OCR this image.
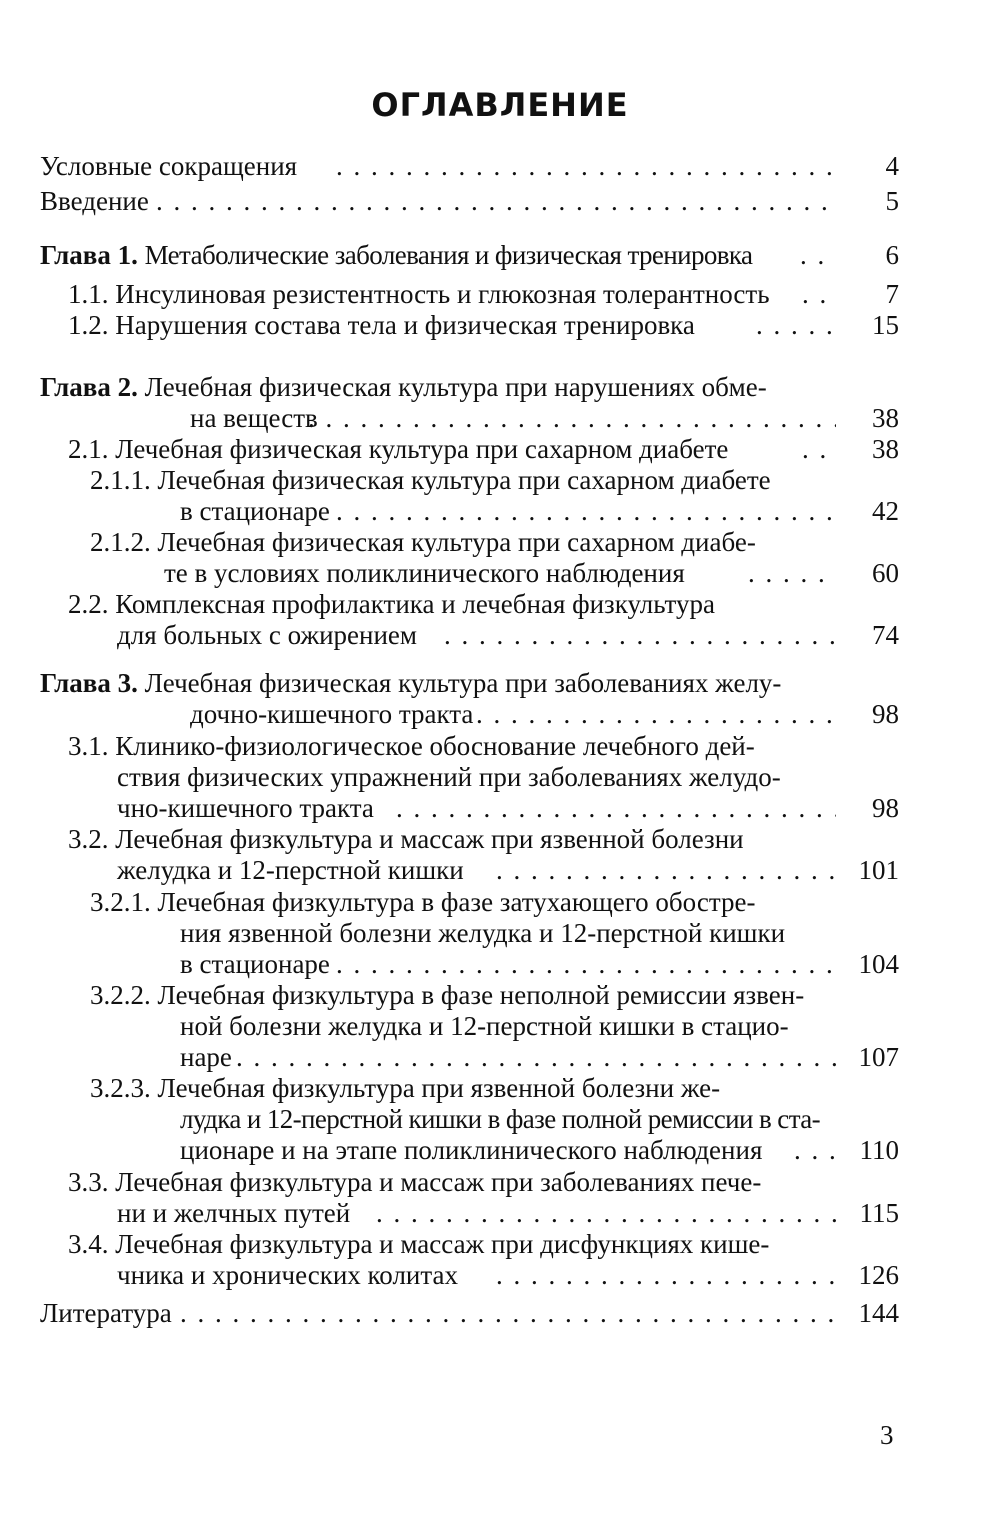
ОГЛАВЛЕНИЕ
Условные сокращения . . .	4
Введение . . .	5
Глава 1. Метаболические заболевания и физическая тренировка . . .	6
1.1. Инсулиновая резистентность и глюкозная толерантность . . .	7
1.2. Нарушения состава тела и физическая тренировка . . .	15
Глава 2. Лечебная физическая культура при нарушениях обме-
на веществ . . .	38
2.1. Лечебная физическая культура при сахарном диабете . . .	38
2.1.1. Лечебная физическая культура при сахарном диабете
в стационаре . . .	42
2.1.2. Лечебная физическая культура при сахарном диабе-
те в условиях поликлинического наблюдения . . .	60
2.2. Комплексная профилактика и лечебная физкультура
для больных с ожирением . . .	74
Глава 3. Лечебная физическая культура при заболеваниях желу-
дочно-кишечного тракта . . .	98
3.1. Клинико-физиологическое обоснование лечебного дей-
ствия физических упражнений при заболеваниях желудо-
чно-кишечного тракта . . .	98
3.2. Лечебная физкультура и массаж при язвенной болезни
желудка и 12-перстной кишки . . .	101
3.2.1. Лечебная физкультура в фазе затухающего обостре-
ния язвенной болезни желудка и 12-перстной кишки
в стационаре . . .	104
3.2.2. Лечебная физкультура в фазе неполной ремиссии язвен-
ной болезни желудка и 12-перстной кишки в стацио-
наре . . .	107
3.2.3. Лечебная физкультура при язвенной болезни же-
лудка и 12-перстной кишки в фазе полной ремиссии в ста-
ционаре и на этапе поликлинического наблюдения . . .	110
3.3. Лечебная физкультура и массаж при заболеваниях пече-
ни и желчных путей . . .	115
3.4. Лечебная физкультура и массаж при дисфункциях кише-
чника и хронических колитах . . .	126
Литература . . .	144
3
